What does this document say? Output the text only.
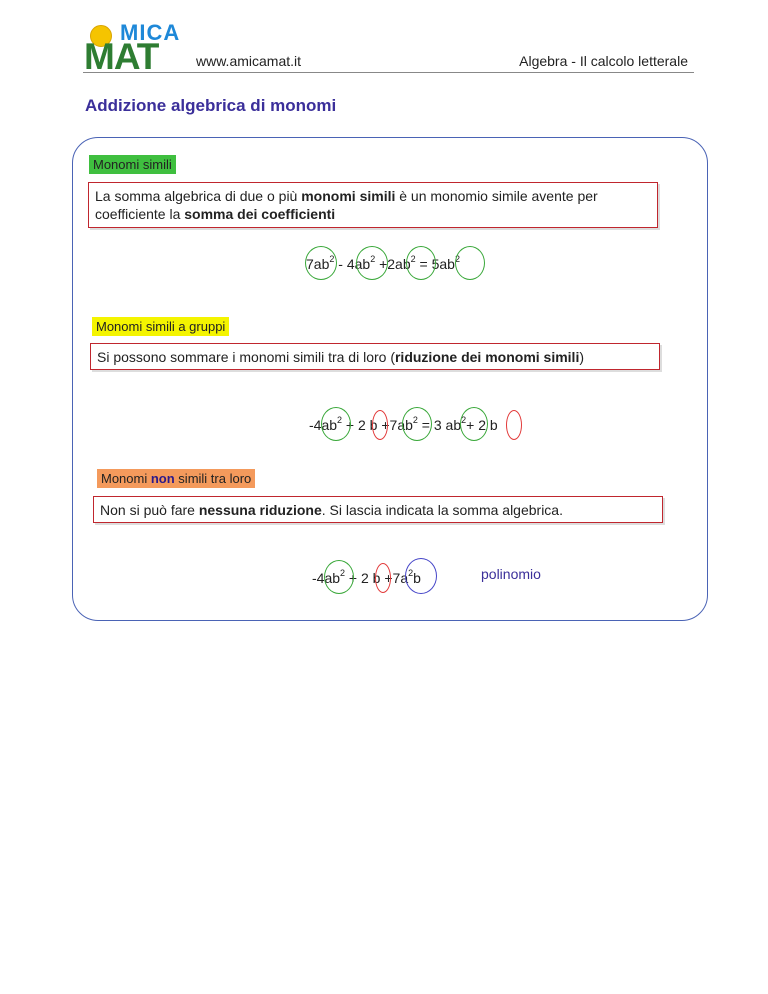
MICA
MAT	www.amicamat.it	Algebra - Il calcolo letterale
Addizione algebrica di monomi
Monomi simili
La somma algebrica di due o più monomi simili è un monomio simile avente per coefficiente la somma dei coefficienti
$7ab^2 - 4ab^2 +2ab^2 = 5ab^2$
Monomi simili a gruppi
Si possono sommare i monomi simili tra di loro (riduzione dei monomi simili)
$-4ab^2 + 2$ $b +7ab^2 = 3$ $ab^2+ 2$ b
Monomi non simili tra loro
Non si può fare nessuna riduzione. Si lascia indicata la somma algebrica.
$-4ab^2 + 2$ $b +7a^2b$	polinomio
